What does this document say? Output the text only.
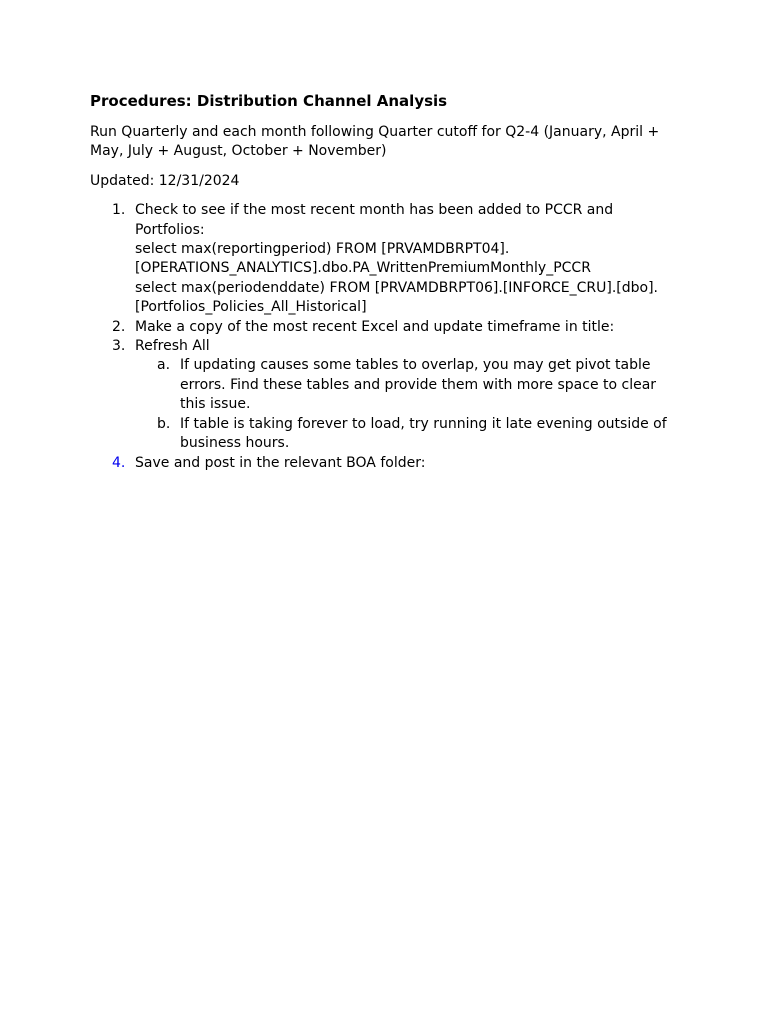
Procedures: Distribution Channel Analysis
Run Quarterly and each month following Quarter cutoff for Q2-4 (January, April + May, July + August, October + November)
Updated: 12/31/2024
1. Check to see if the most recent month has been added to PCCR and Portfolios:
select max(reportingperiod) FROM [PRVAMDBRPT04].[OPERATIONS_ANALYTICS].dbo.PA_WrittenPremiumMonthly_PCCR
select max(periodenddate) FROM [PRVAMDBRPT06].[INFORCE_CRU].[dbo].[Portfolios_Policies_All_Historical]
2. Make a copy of the most recent Excel and update timeframe in title:
3. Refresh All
a. If updating causes some tables to overlap, you may get pivot table errors. Find these tables and provide them with more space to clear this issue.
b. If table is taking forever to load, try running it late evening outside of business hours.
4. Save and post in the relevant BOA folder:
